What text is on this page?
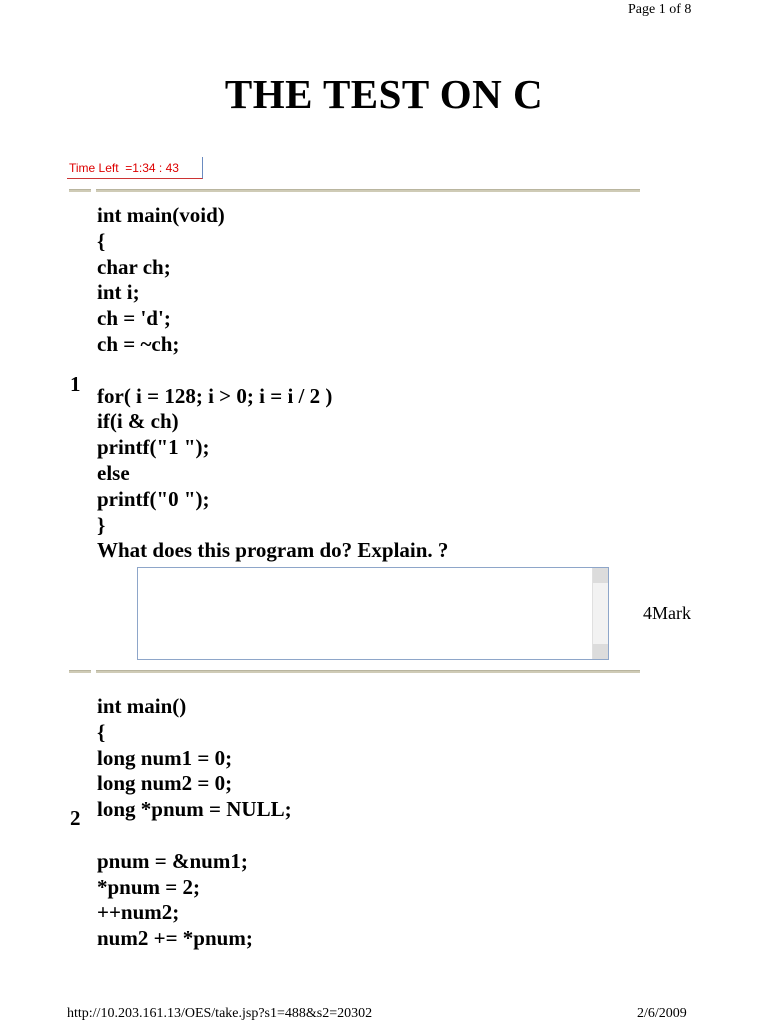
Page 1 of 8
THE TEST ON C
Time Left  =1:34 : 43
1
int main(void)
{
char ch;
int i;
ch = 'd';
ch = ~ch;
for( i = 128; i > 0; i = i / 2 )
if(i & ch)
printf("1 ");
else
printf("0 ");
}
What does this program do? Explain. ?
4Mark
2
int main()
{
long num1 = 0;
long num2 = 0;
long *pnum = NULL;
pnum = &num1;
*pnum = 2;
++num2;
num2 += *pnum;
http://10.203.161.13/OES/take.jsp?s1=488&s2=20302	2/6/2009
